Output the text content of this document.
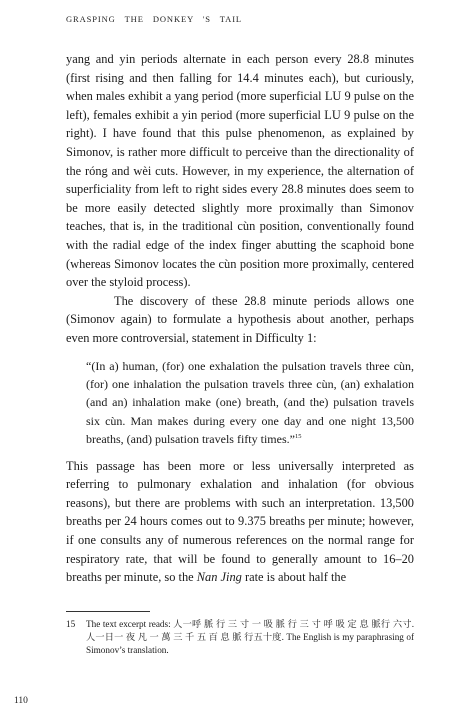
GRASPING THE DONKEY 'S TAIL

yang and yin periods alternate in each person every 28.8 minutes (first rising and then falling for 14.4 minutes each), but curiously, when males exhibit a yang period (more superficial LU 9 pulse on the left), females exhibit a yin period (more superficial LU 9 pulse on the right). I have found that this pulse phenomenon, as explained by Simonov, is rather more difficult to perceive than the directionality of the róng and wèi cuts. However, in my experience, the alternation of superficiality from left to right sides every 28.8 minutes does seem to be more easily detected slightly more proximally than Simonov teaches, that is, in the traditional cùn position, conventionally found with the radial edge of the index finger abutting the scaphoid bone (whereas Simonov locates the cùn position more proximally, centered over the styloid process).

The discovery of these 28.8 minute periods allows one (Simonov again) to formulate a hypothesis about another, perhaps even more controversial, statement in Difficulty 1:

“(In a) human, (for) one exhalation the pulsation travels three cùn, (for) one inhalation the pulsation travels three cùn, (an) exhalation (and an) inhalation make (one) breath, (and the) pulsation travels six cùn. Man makes during every one day and one night 13,500 breaths, (and) pulsation travels fifty times.”$^{15}$

This passage has been more or less universally interpreted as referring to pulmonary exhalation and inhalation (for obvious reasons), but there are problems with such an interpretation. 13,500 breaths per 24 hours comes out to 9.375 breaths per minute; however, if one consults any of numerous references on the normal range for respiratory rate, that will be found to generally amount to 16–20 breaths per minute, so the Nan Jing rate is about half the

15	The text excerpt reads: 人一呼 脈 行 三 寸 一 吸 脈 行 三 寸 呼 吸 定 息 脈行 六寸. 人一日一 夜 凡 一 萬 三 千 五 百 息 脈 行五十度. The English is my paraphrasing of Simonov’s translation.
110
